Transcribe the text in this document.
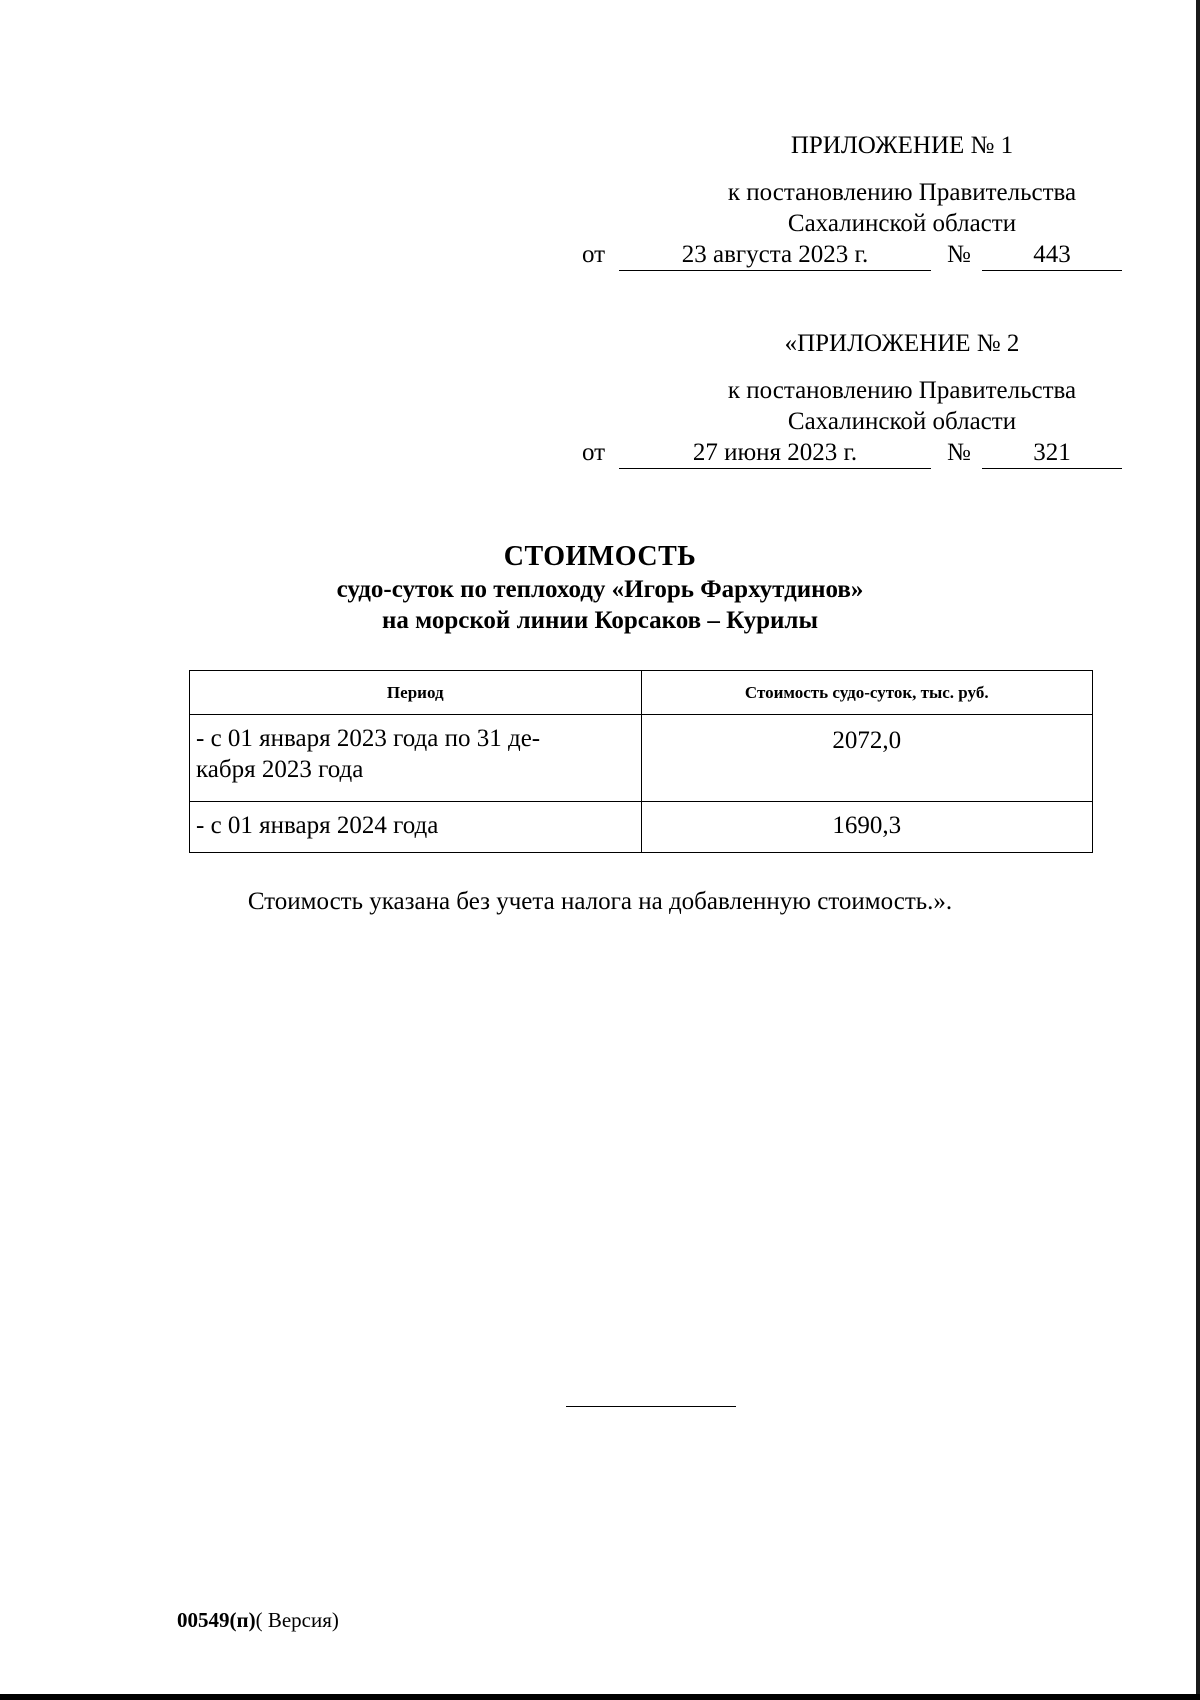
ПРИЛОЖЕНИЕ № 1
к постановлению Правительства
Сахалинской области
от	23 августа 2023 г.	№	443
«ПРИЛОЖЕНИЕ № 2
к постановлению Правительства
Сахалинской области
от	27 июня 2023 г.	№	321
СТОИМОСТЬ
судо-суток по теплоходу «Игорь Фархутдинов»
на морской линии Корсаков – Курилы
Период	Стоимость судо-суток, тыс. руб.

- с 01 января 2023 года по 31 де-
кабря 2023 года	2072,0

- с 01 января 2024 года	1690,3
Стоимость указана без учета налога на добавленную стоимость.».
00549(п)( Версия)
